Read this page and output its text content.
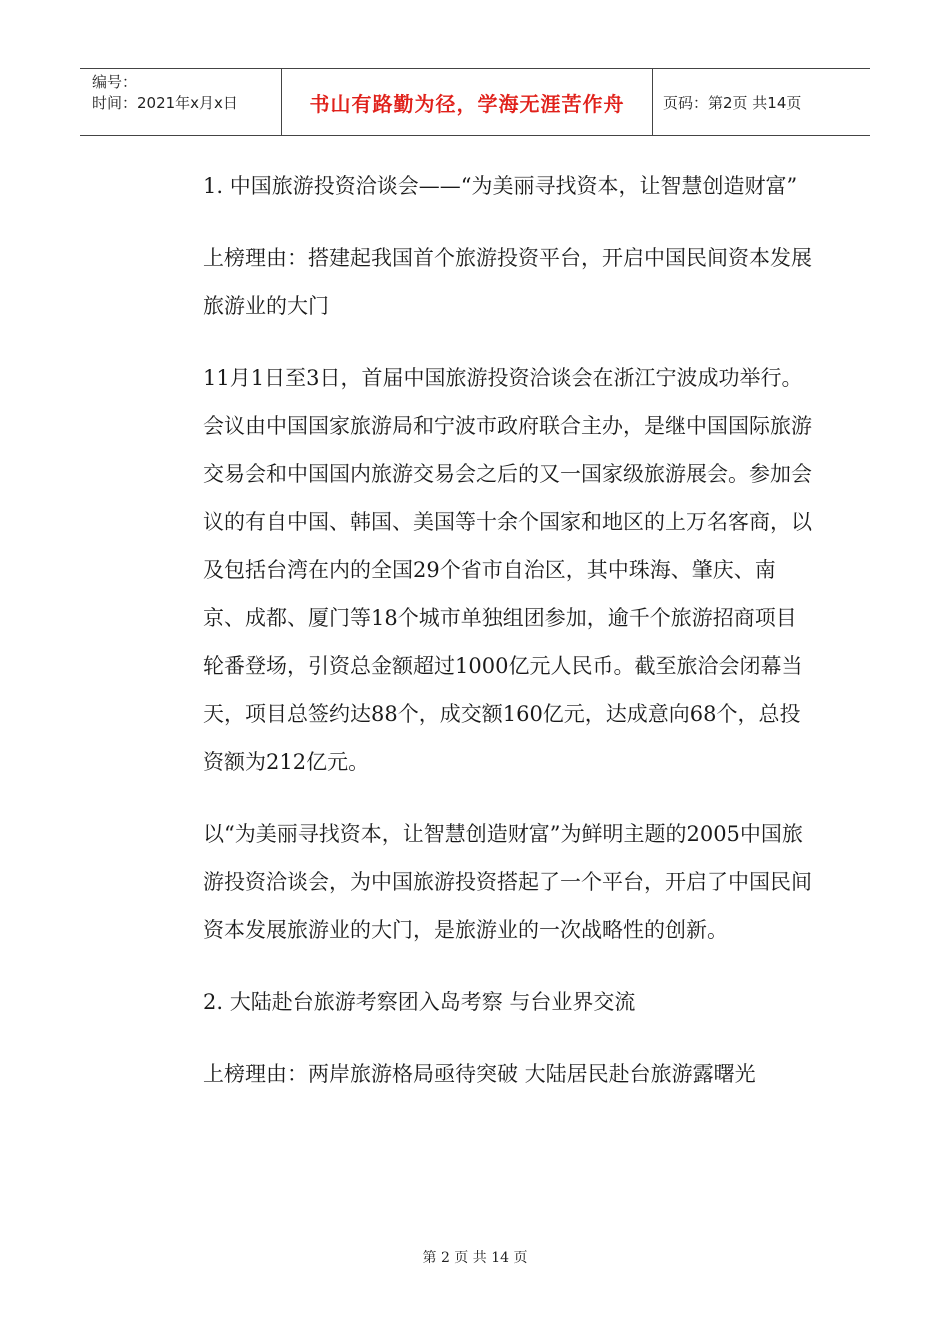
编号：
时间：2021年x月x日	书山有路勤为径，学海无涯苦作舟	页码：第2页 共14页

1. 中国旅游投资洽谈会——“为美丽寻找资本，让智慧创造财富”

上榜理由：搭建起我国首个旅游投资平台，开启中国民间资本发展旅游业的大门

11月1日至3日，首届中国旅游投资洽谈会在浙江宁波成功举行。会议由中国国家旅游局和宁波市政府联合主办，是继中国国际旅游交易会和中国国内旅游交易会之后的又一国家级旅游展会。参加会议的有自中国、韩国、美国等十余个国家和地区的上万名客商，以及包括台湾在内的全国29个省市自治区，其中珠海、肇庆、南京、成都、厦门等18个城市单独组团参加，逾千个旅游招商项目轮番登场，引资总金额超过1000亿元人民币。截至旅洽会闭幕当天，项目总签约达88个，成交额160亿元，达成意向68个，总投资额为212亿元。

以“为美丽寻找资本，让智慧创造财富”为鲜明主题的2005中国旅游投资洽谈会，为中国旅游投资搭起了一个平台，开启了中国民间资本发展旅游业的大门，是旅游业的一次战略性的创新。

2. 大陆赴台旅游考察团入岛考察 与台业界交流

上榜理由：两岸旅游格局亟待突破 大陆居民赴台旅游露曙光

第 2 页 共 14 页
